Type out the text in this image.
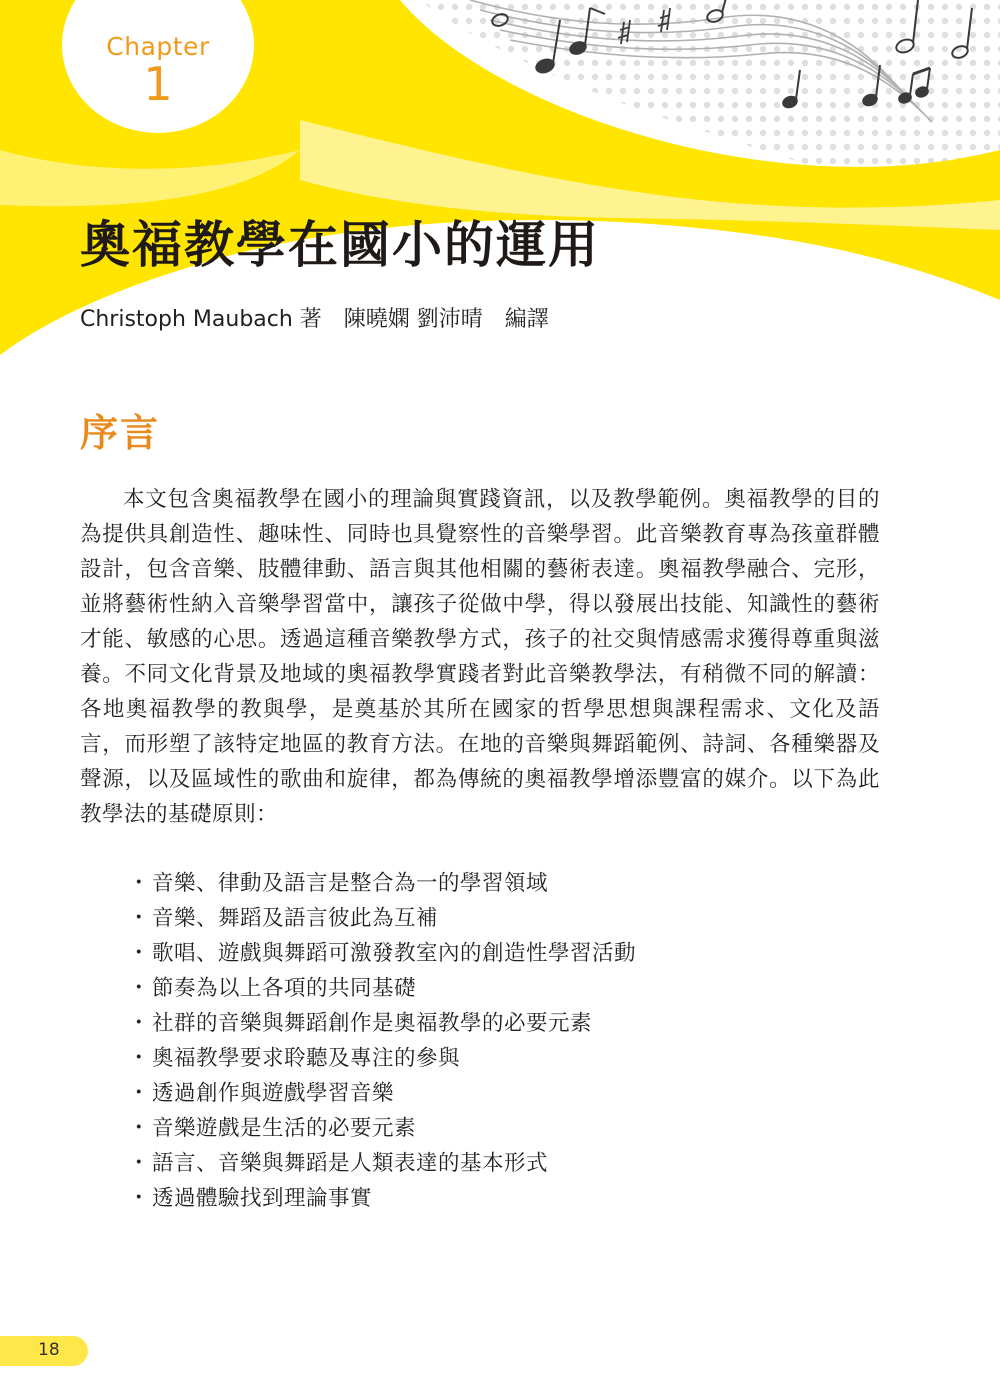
Chapter
1
奧福教學在國小的運用
Christoph Maubach 著　陳曉嫻 劉沛晴　編譯
序言

本文包含奧福教學在國小的理論與實踐資訊，以及教學範例。奧福教學的目的為提供具創造性、趣味性、同時也具覺察性的音樂學習。此音樂教育專為孩童群體設計，包含音樂、肢體律動、語言與其他相關的藝術表達。奧福教學融合、完形，並將藝術性納入音樂學習當中，讓孩子從做中學，得以發展出技能、知識性的藝術才能、敏感的心思。透過這種音樂教學方式，孩子的社交與情感需求獲得尊重與滋養。不同文化背景及地域的奧福教學實踐者對此音樂教學法，有稍微不同的解讀：各地奧福教學的教與學，是奠基於其所在國家的哲學思想與課程需求、文化及語言，而形塑了該特定地區的教育方法。在地的音樂與舞蹈範例、詩詞、各種樂器及聲源，以及區域性的歌曲和旋律，都為傳統的奧福教學增添豐富的媒介。以下為此教學法的基礎原則：

・ 音樂、律動及語言是整合為一的學習領域
・ 音樂、舞蹈及語言彼此為互補
・ 歌唱、遊戲與舞蹈可激發教室內的創造性學習活動
・ 節奏為以上各項的共同基礎
・ 社群的音樂與舞蹈創作是奧福教學的必要元素
・ 奧福教學要求聆聽及專注的參與
・ 透過創作與遊戲學習音樂
・ 音樂遊戲是生活的必要元素
・ 語言、音樂與舞蹈是人類表達的基本形式
・ 透過體驗找到理論事實
18
